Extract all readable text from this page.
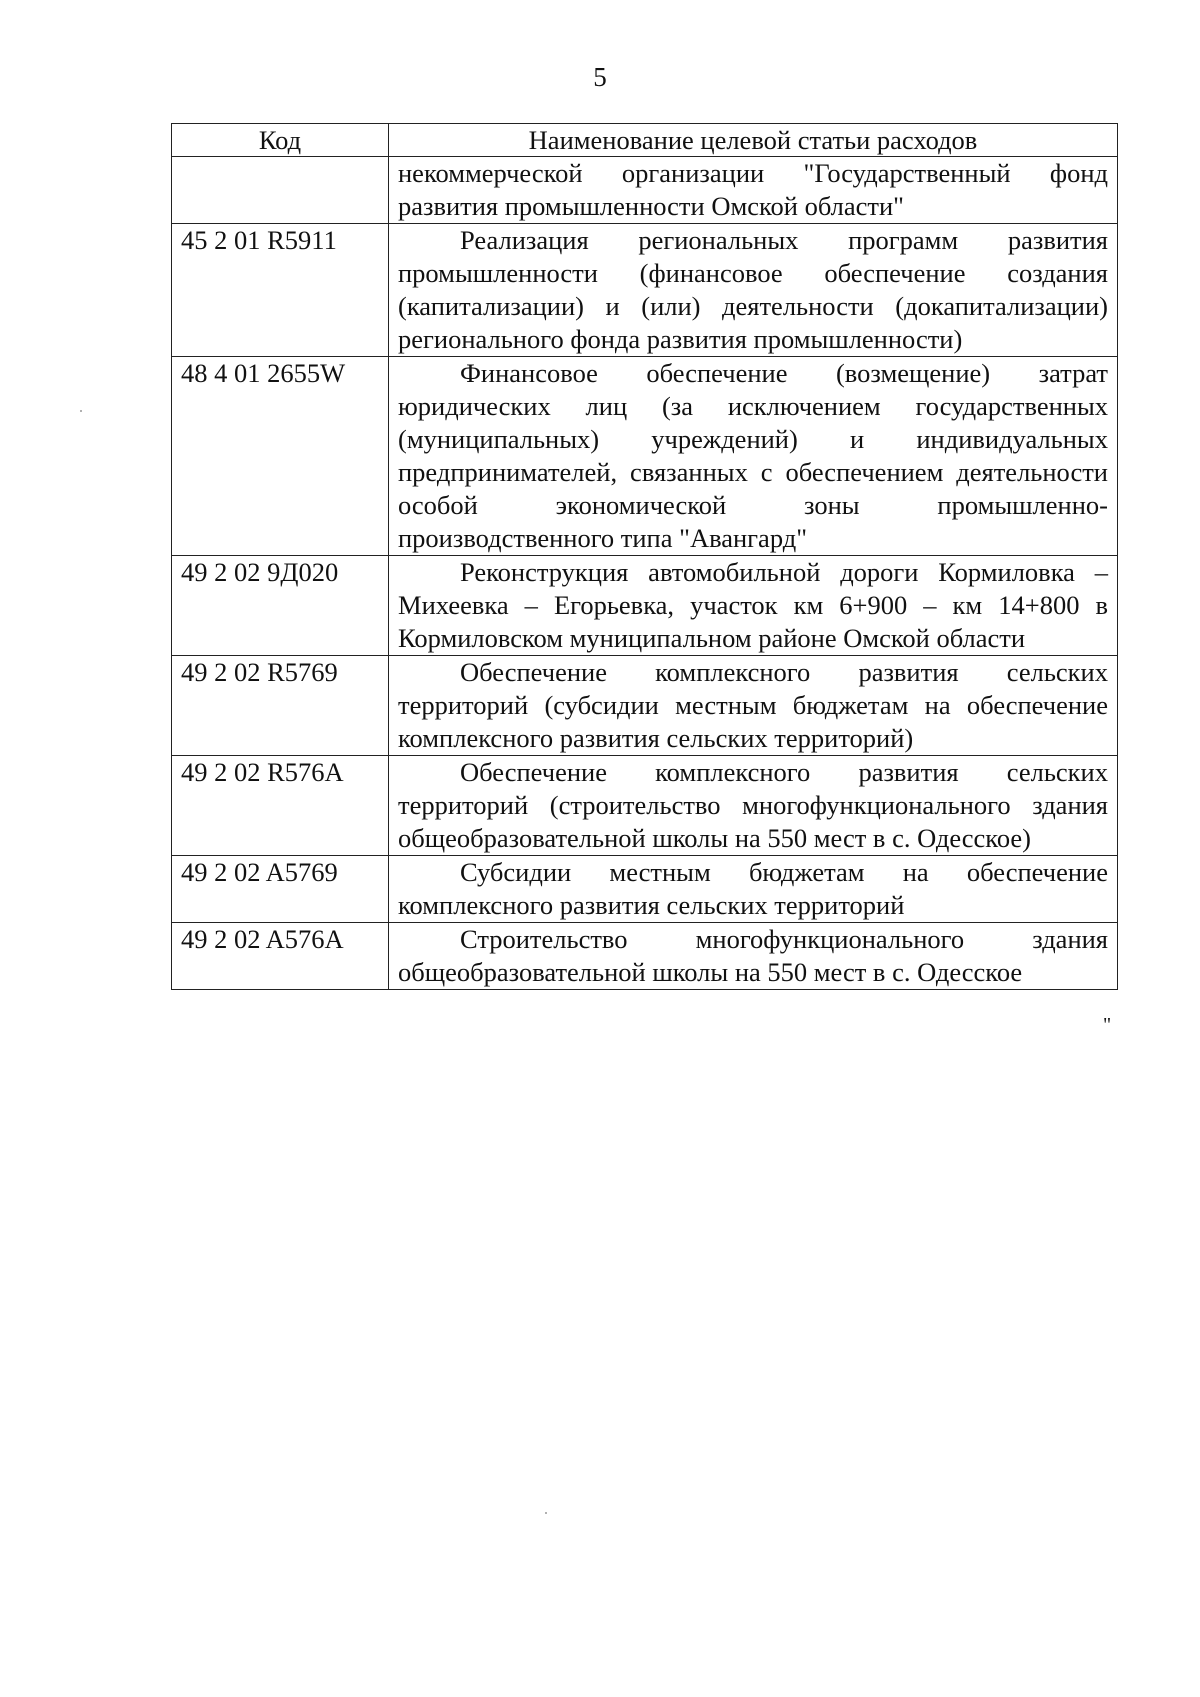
5
Код	Наименование целевой статьи расходов
	некоммерческой организации "Государственный фонд развития промышленности Омской области"
45 2 01 R5911	Реализация региональных программ развития промышленности (финансовое обеспечение создания (капитализации) и (или) деятельности (докапитализации) регионального фонда развития промышленности)
48 4 01 2655W	Финансовое обеспечение (возмещение) затрат юридических лиц (за исключением государственных (муниципальных) учреждений) и индивидуальных предпринимателей, связанных с обеспечением деятельности особой экономической зоны промышленно-производственного типа "Авангард"
49 2 02 9Д020	Реконструкция автомобильной дороги Кормиловка – Михеевка – Егорьевка, участок км 6+900 – км 14+800 в Кормиловском муниципальном районе Омской области
49 2 02 R5769	Обеспечение комплексного развития сельских территорий (субсидии местным бюджетам на обеспечение комплексного развития сельских территорий)
49 2 02 R576A	Обеспечение комплексного развития сельских территорий (строительство многофункционального здания общеобразовательной школы на 550 мест в с. Одесское)
49 2 02 A5769	Субсидии местным бюджетам на обеспечение комплексного развития сельских территорий
49 2 02 A576A	Строительство многофункционального здания общеобразовательной школы на 550 мест в с. Одесское
"
